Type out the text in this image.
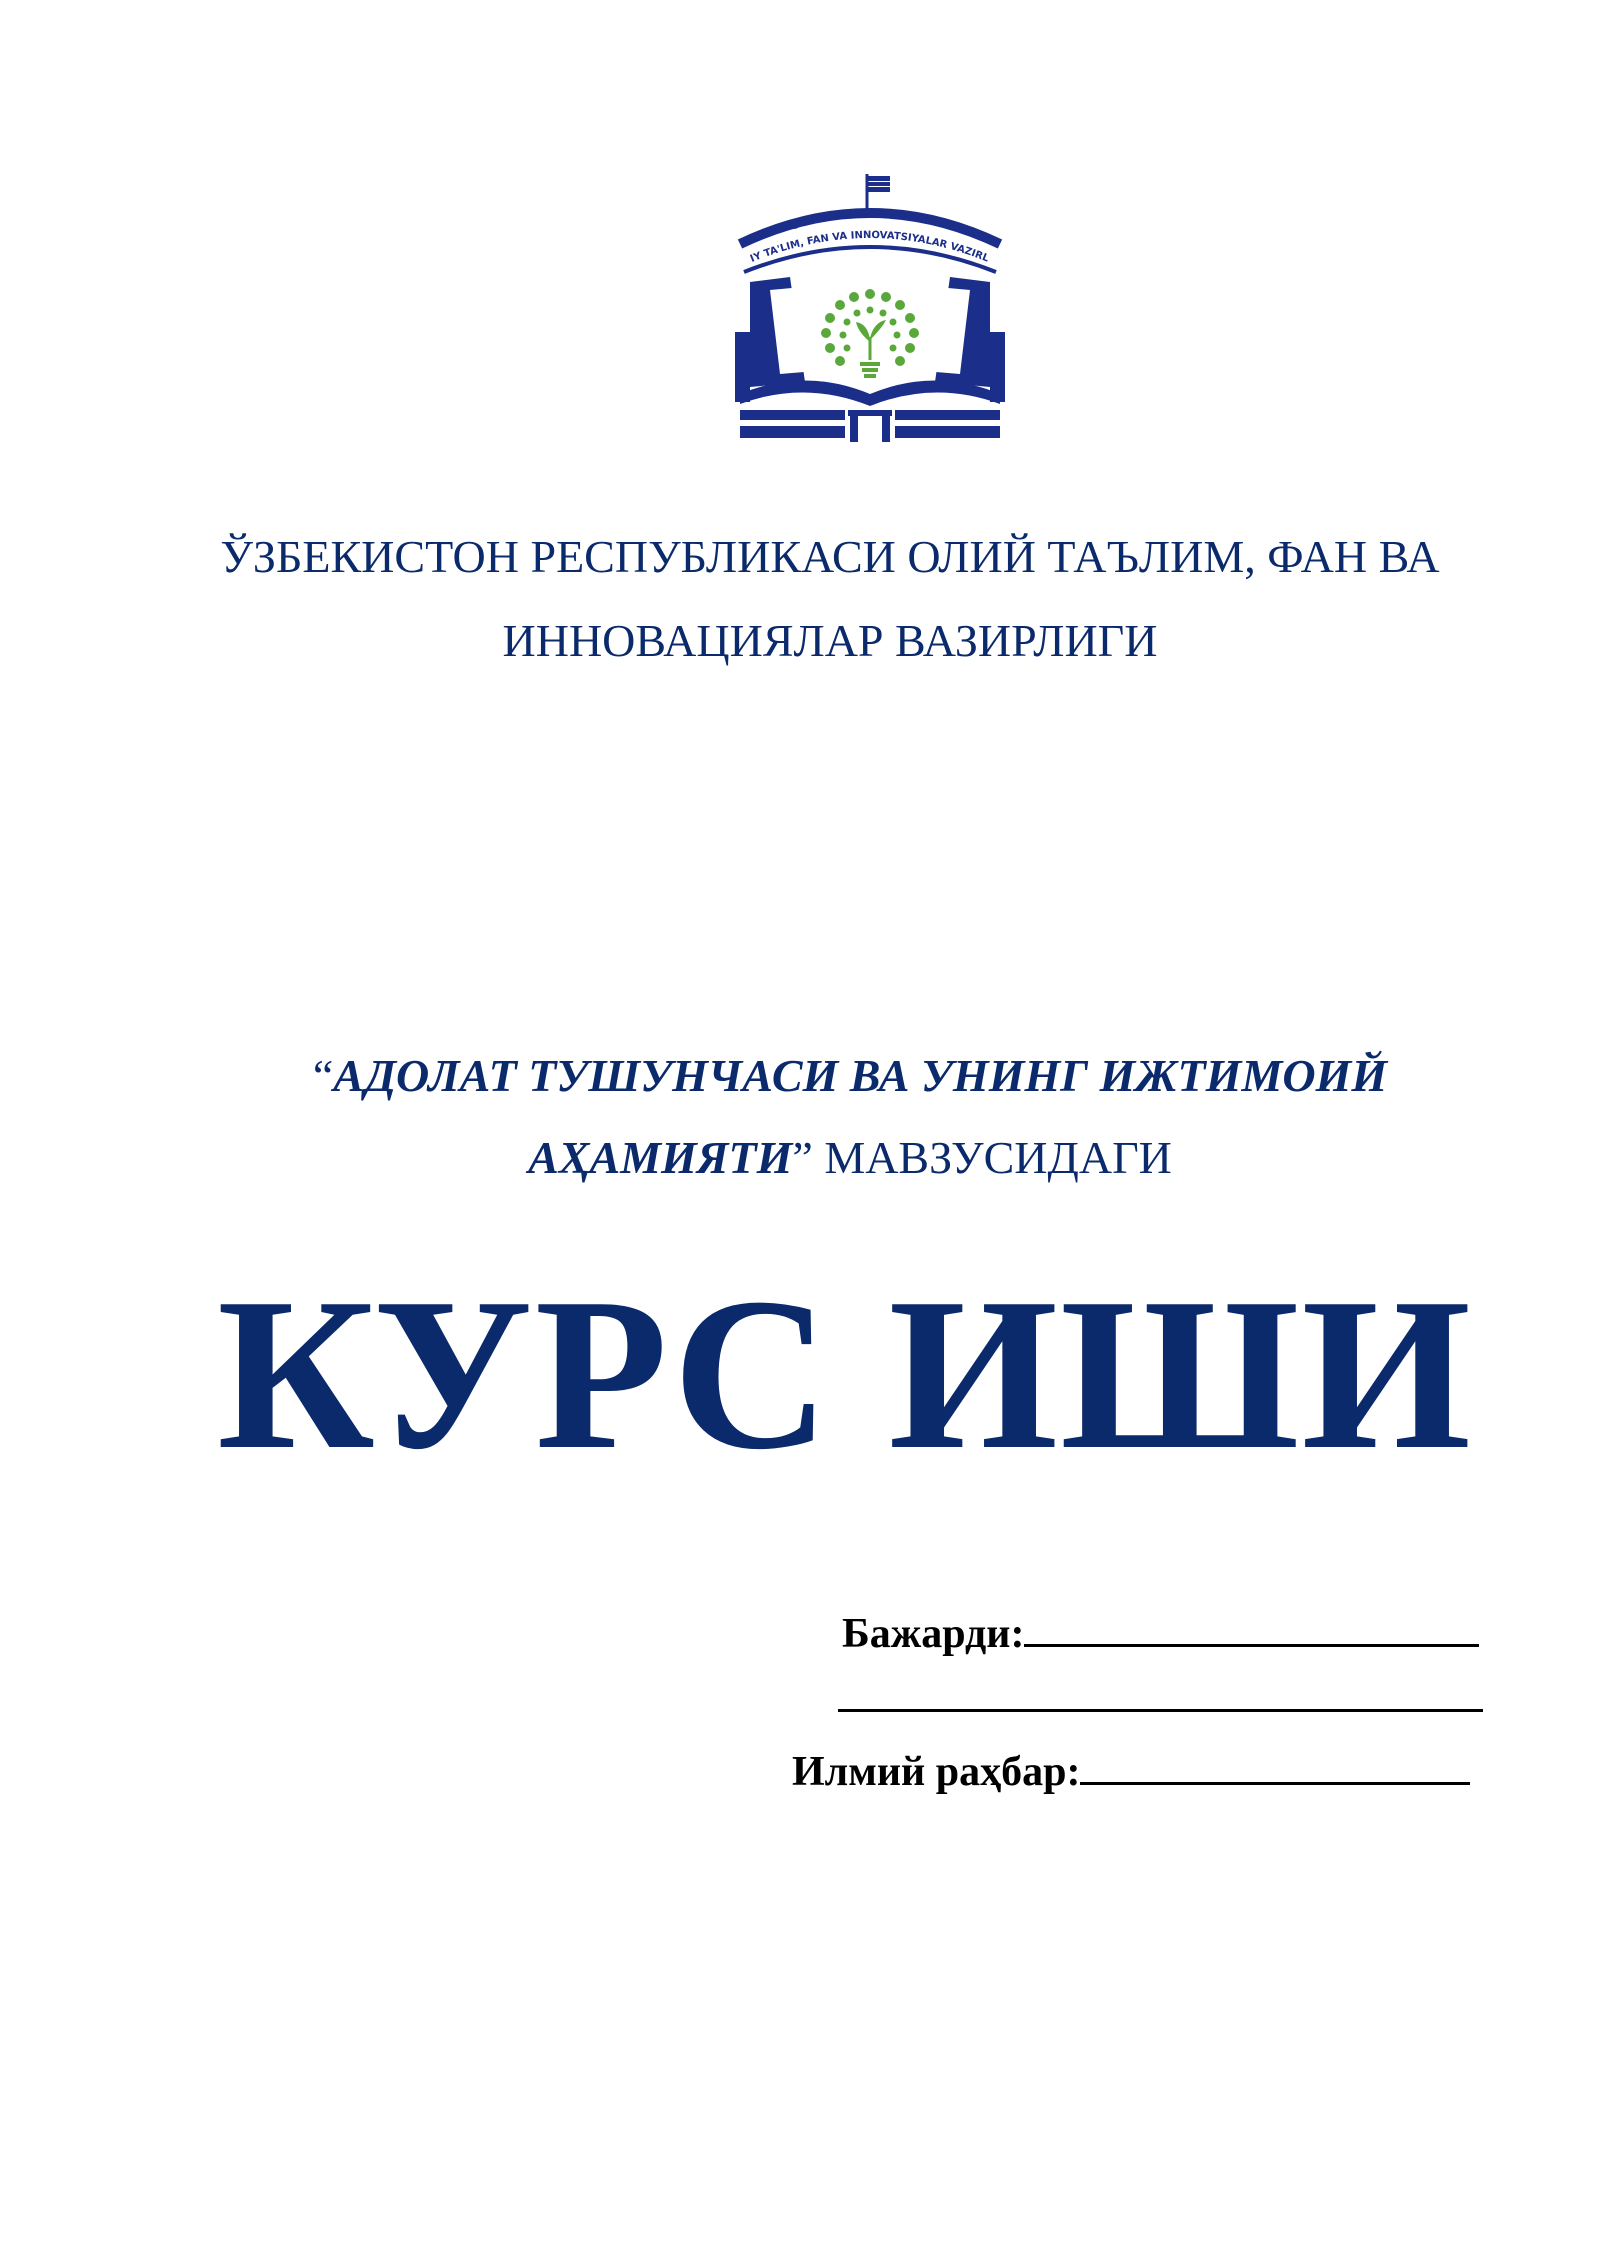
O'ZBEKISTON RESPUBLIKASI
IY TA'LIM, FAN VA INNOVATSIYALAR VAZIRL
ЎЗБЕКИСТОН РЕСПУБЛИКАСИ ОЛИЙ ТАЪЛИМ, ФАН ВА
ИННОВАЦИЯЛАР ВАЗИРЛИГИ
“АДОЛАТ ТУШУНЧАСИ ВА УНИНГ ИЖТИМОИЙ
АҲАМИЯТИ” МАВЗУСИДАГИ
КУРС ИШИ
Бажарди:
Илмий раҳбар:
